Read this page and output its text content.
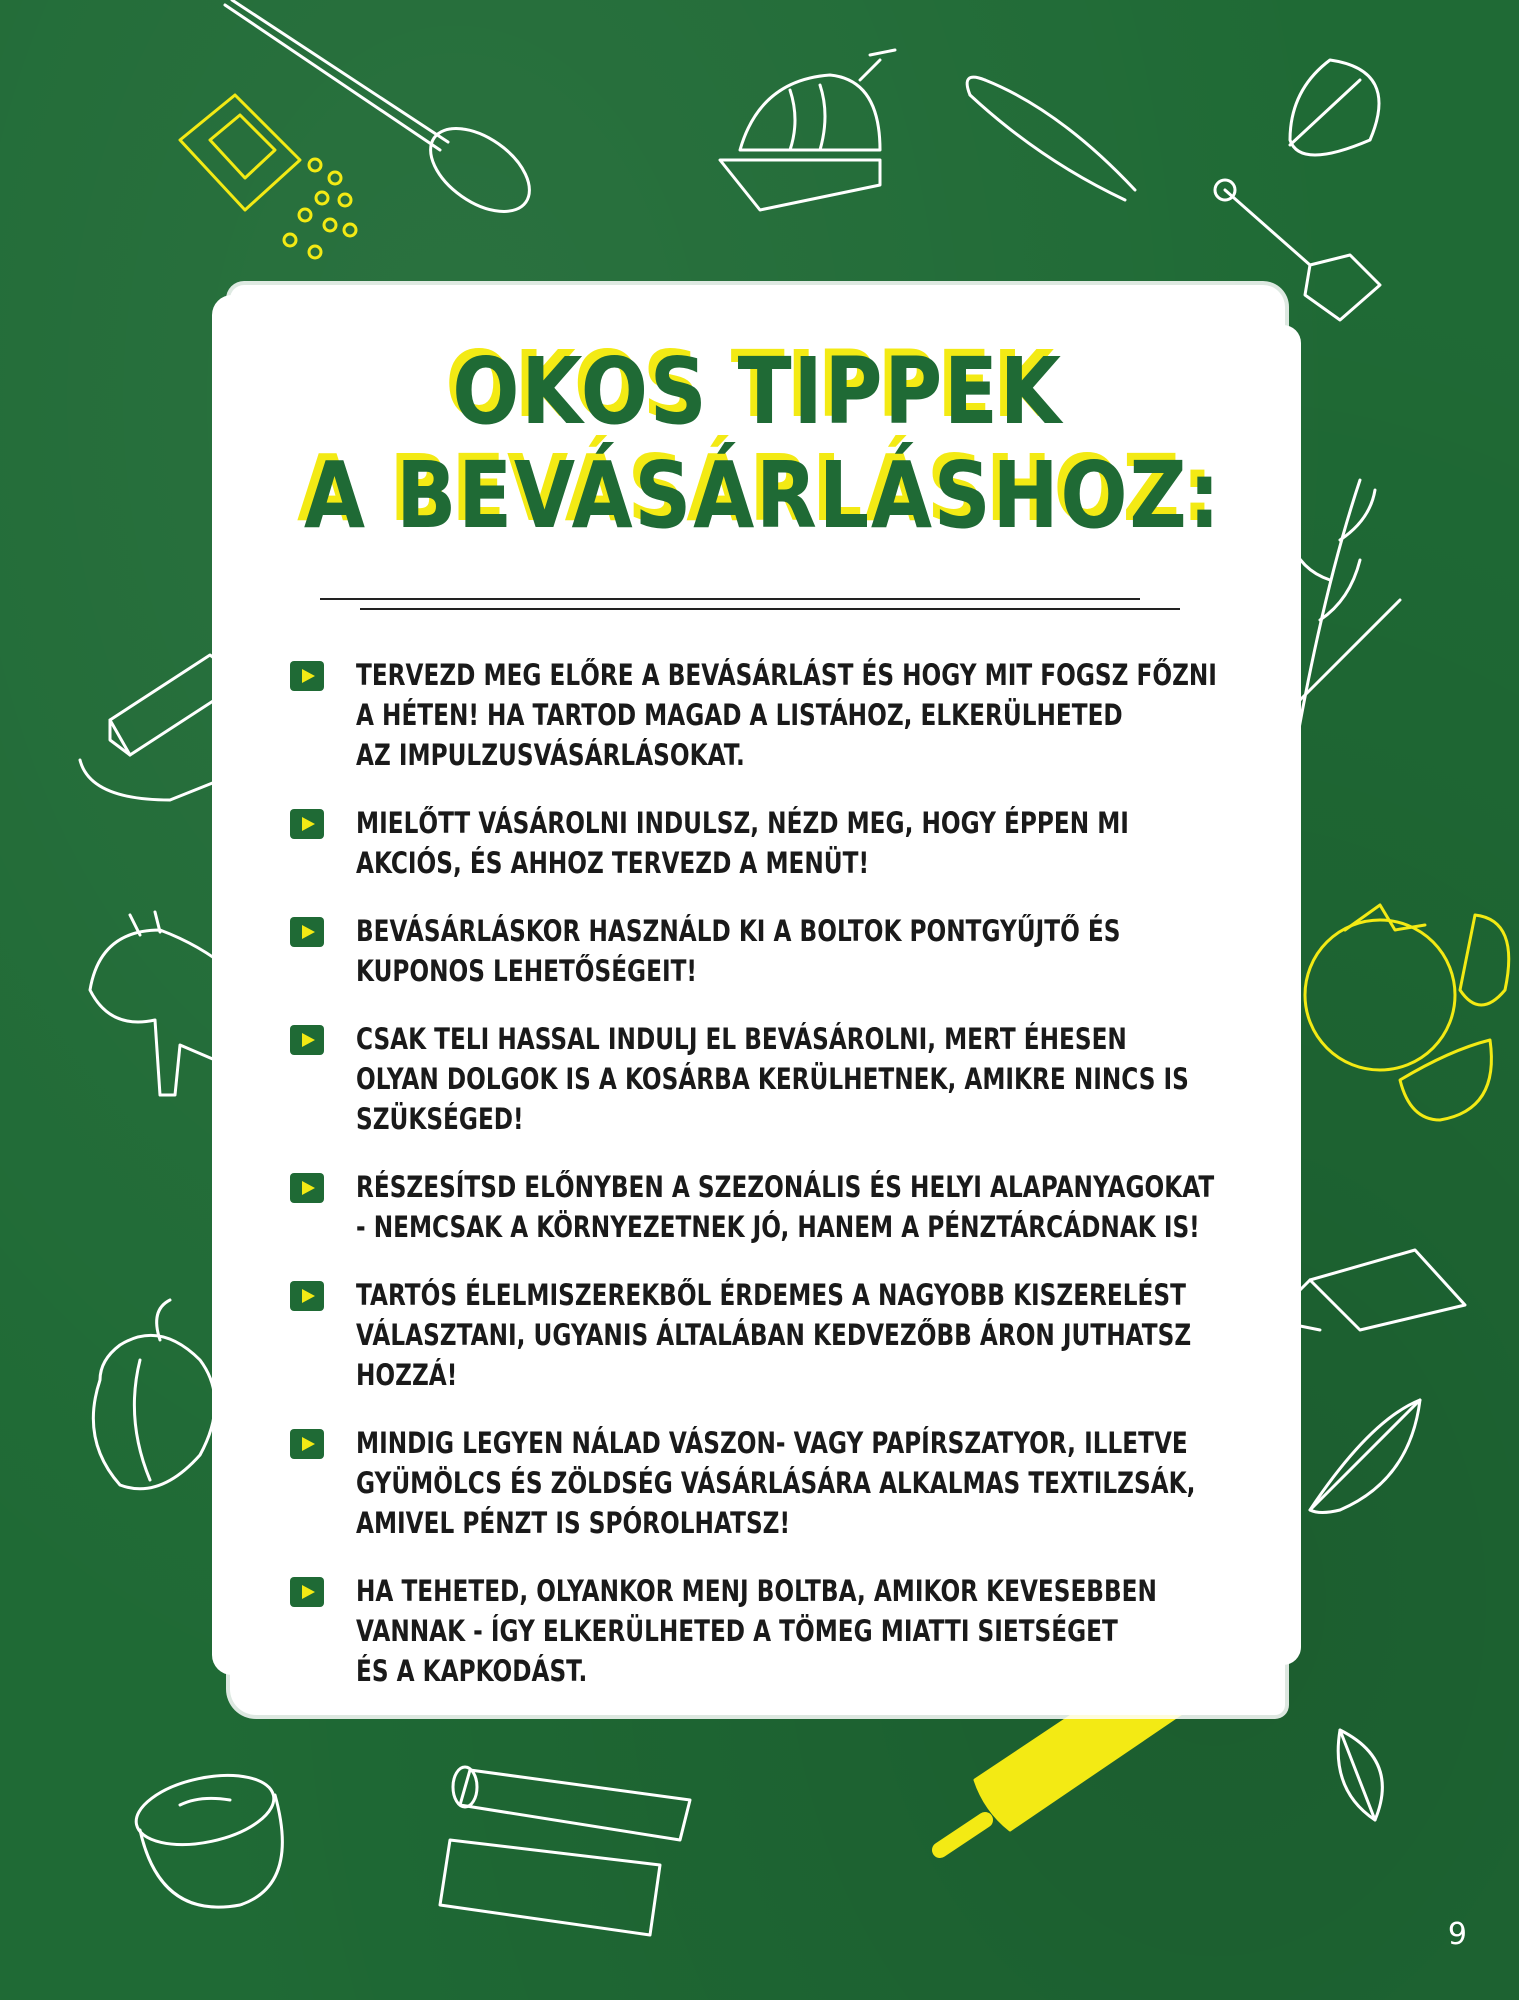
OKOS TIPPEK
A BEVÁSÁRLÁSHOZ:
TERVEZD MEG ELŐRE A BEVÁSÁRLÁST ÉS HOGY MIT FOGSZ FŐZNI
A HÉTEN! HA TARTOD MAGAD A LISTÁHOZ, ELKERÜLHETED
AZ IMPULZUSVÁSÁRLÁSOKAT.
MIELŐTT VÁSÁROLNI INDULSZ, NÉZD MEG, HOGY ÉPPEN MI
AKCIÓS, ÉS AHHOZ TERVEZD A MENÜT!
BEVÁSÁRLÁSKOR HASZNÁLD KI A BOLTOK PONTGYŰJTŐ ÉS
KUPONOS LEHETŐSÉGEIT!
CSAK TELI HASSAL INDULJ EL BEVÁSÁROLNI, MERT ÉHESEN
OLYAN DOLGOK IS A KOSÁRBA KERÜLHETNEK, AMIKRE NINCS IS
SZÜKSÉGED!
RÉSZESÍTSD ELŐNYBEN A SZEZONÁLIS ÉS HELYI ALAPANYAGOKAT
- NEMCSAK A KÖRNYEZETNEK JÓ, HANEM A PÉNZTÁRCÁDNAK IS!
TARTÓS ÉLELMISZEREKBŐL ÉRDEMES A NAGYOBB KISZERELÉST
VÁLASZTANI, UGYANIS ÁLTALÁBAN KEDVEZŐBB ÁRON JUTHATSZ
HOZZÁ!
MINDIG LEGYEN NÁLAD VÁSZON- VAGY PAPÍRSZATYOR, ILLETVE
GYÜMÖLCS ÉS ZÖLDSÉG VÁSÁRLÁSÁRA ALKALMAS TEXTILZSÁK,
AMIVEL PÉNZT IS SPÓROLHATSZ!
HA TEHETED, OLYANKOR MENJ BOLTBA, AMIKOR KEVESEBBEN
VANNAK - ÍGY ELKERÜLHETED A TÖMEG MIATTI SIETSÉGET
ÉS A KAPKODÁST.
9
